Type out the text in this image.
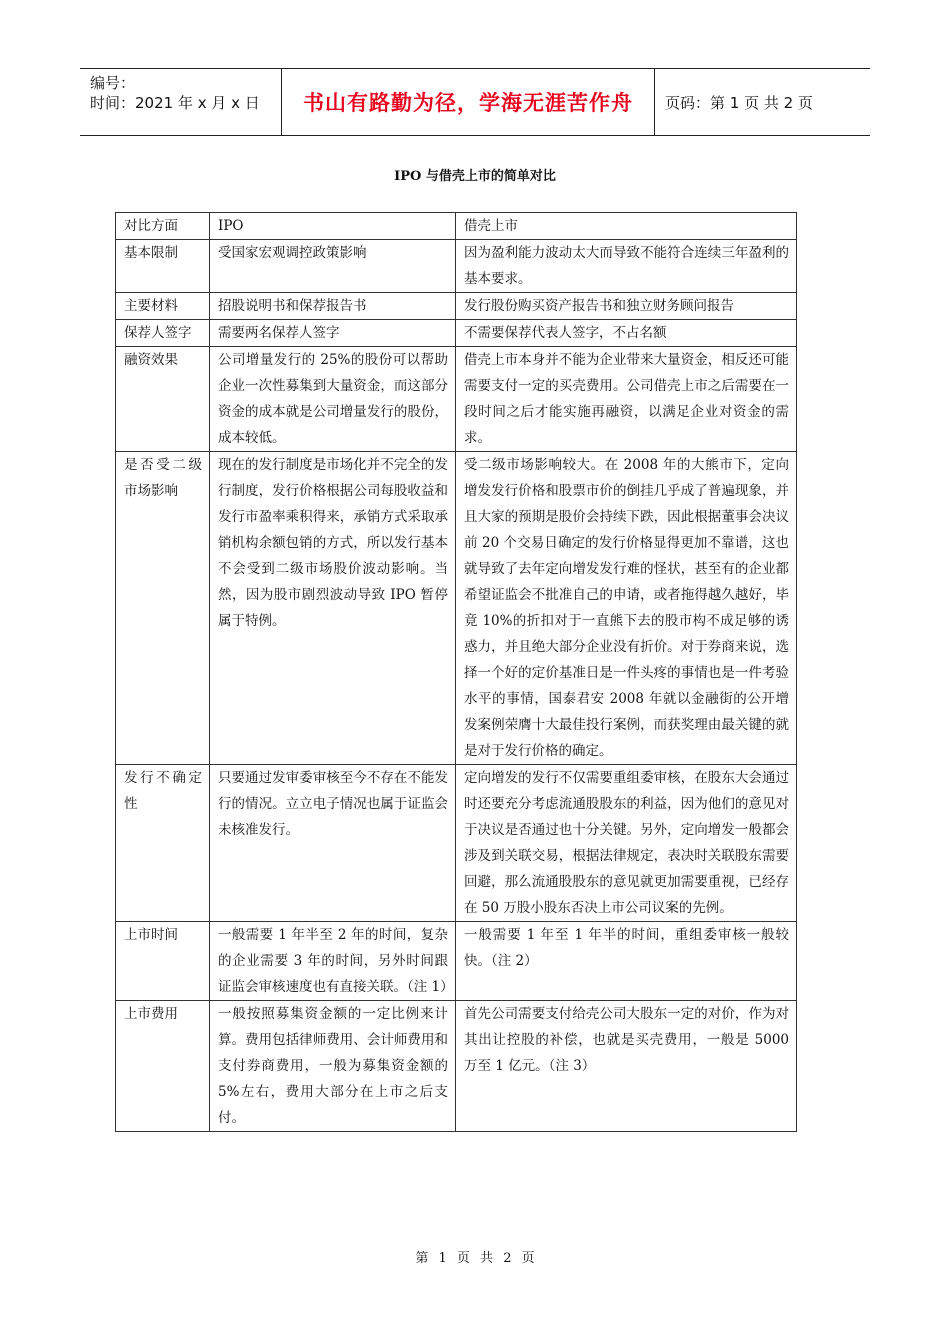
编号：
时间：2021 年 x 月 x 日	书山有路勤为径，学海无涯苦作舟	页码：第 1 页 共 2 页
IPO 与借壳上市的简单对比
对比方面	IPO	借壳上市
基本限制	受国家宏观调控政策影响	因为盈利能力波动太大而导致不能符合连续三年盈利的基本要求。
主要材料	招股说明书和保荐报告书	发行股份购买资产报告书和独立财务顾问报告
保荐人签字	需要两名保荐人签字	不需要保荐代表人签字，不占名额
融资效果	公司增量发行的 25%的股份可以帮助企业一次性募集到大量资金，而这部分资金的成本就是公司增量发行的股份，成本较低。	借壳上市本身并不能为企业带来大量资金，相反还可能需要支付一定的买壳费用。公司借壳上市之后需要在一段时间之后才能实施再融资，以满足企业对资金的需求。
是否受二级市场影响	现在的发行制度是市场化并不完全的发行制度，发行价格根据公司每股收益和发行市盈率乘积得来，承销方式采取承销机构余额包销的方式，所以发行基本不会受到二级市场股价波动影响。当然，因为股市剧烈波动导致 IPO 暂停属于特例。	受二级市场影响较大。在 2008 年的大熊市下，定向增发发行价格和股票市价的倒挂几乎成了普遍现象，并且大家的预期是股价会持续下跌，因此根据董事会决议前 20 个交易日确定的发行价格显得更加不靠谱，这也就导致了去年定向增发发行难的怪状，甚至有的企业都希望证监会不批准自己的申请，或者拖得越久越好，毕竟 10%的折扣对于一直熊下去的股市构不成足够的诱惑力，并且绝大部分企业没有折价。对于券商来说，选择一个好的定价基准日是一件头疼的事情也是一件考验水平的事情，国泰君安 2008 年就以金融街的公开增发案例荣膺十大最佳投行案例，而获奖理由最关键的就是对于发行价格的确定。
发行不确定性	只要通过发审委审核至今不存在不能发行的情况。立立电子情况也属于证监会未核准发行。	定向增发的发行不仅需要重组委审核，在股东大会通过时还要充分考虑流通股股东的利益，因为他们的意见对于决议是否通过也十分关键。另外，定向增发一般都会涉及到关联交易，根据法律规定，表决时关联股东需要回避，那么流通股股东的意见就更加需要重视，已经存在 50 万股小股东否决上市公司议案的先例。
上市时间	一般需要 1 年半至 2 年的时间，复杂的企业需要 3 年的时间，另外时间跟证监会审核速度也有直接关联。（注 1）	一般需要 1 年至 1 年半的时间，重组委审核一般较快。（注 2）
上市费用	一般按照募集资金额的一定比例来计算。费用包括律师费用、会计师费用和支付券商费用，一般为募集资金额的 5%左右，费用大部分在上市之后支付。	首先公司需要支付给壳公司大股东一定的对价，作为对其出让控股的补偿，也就是买壳费用，一般是 5000 万至 1 亿元。（注 3）
第 1 页 共 2 页
